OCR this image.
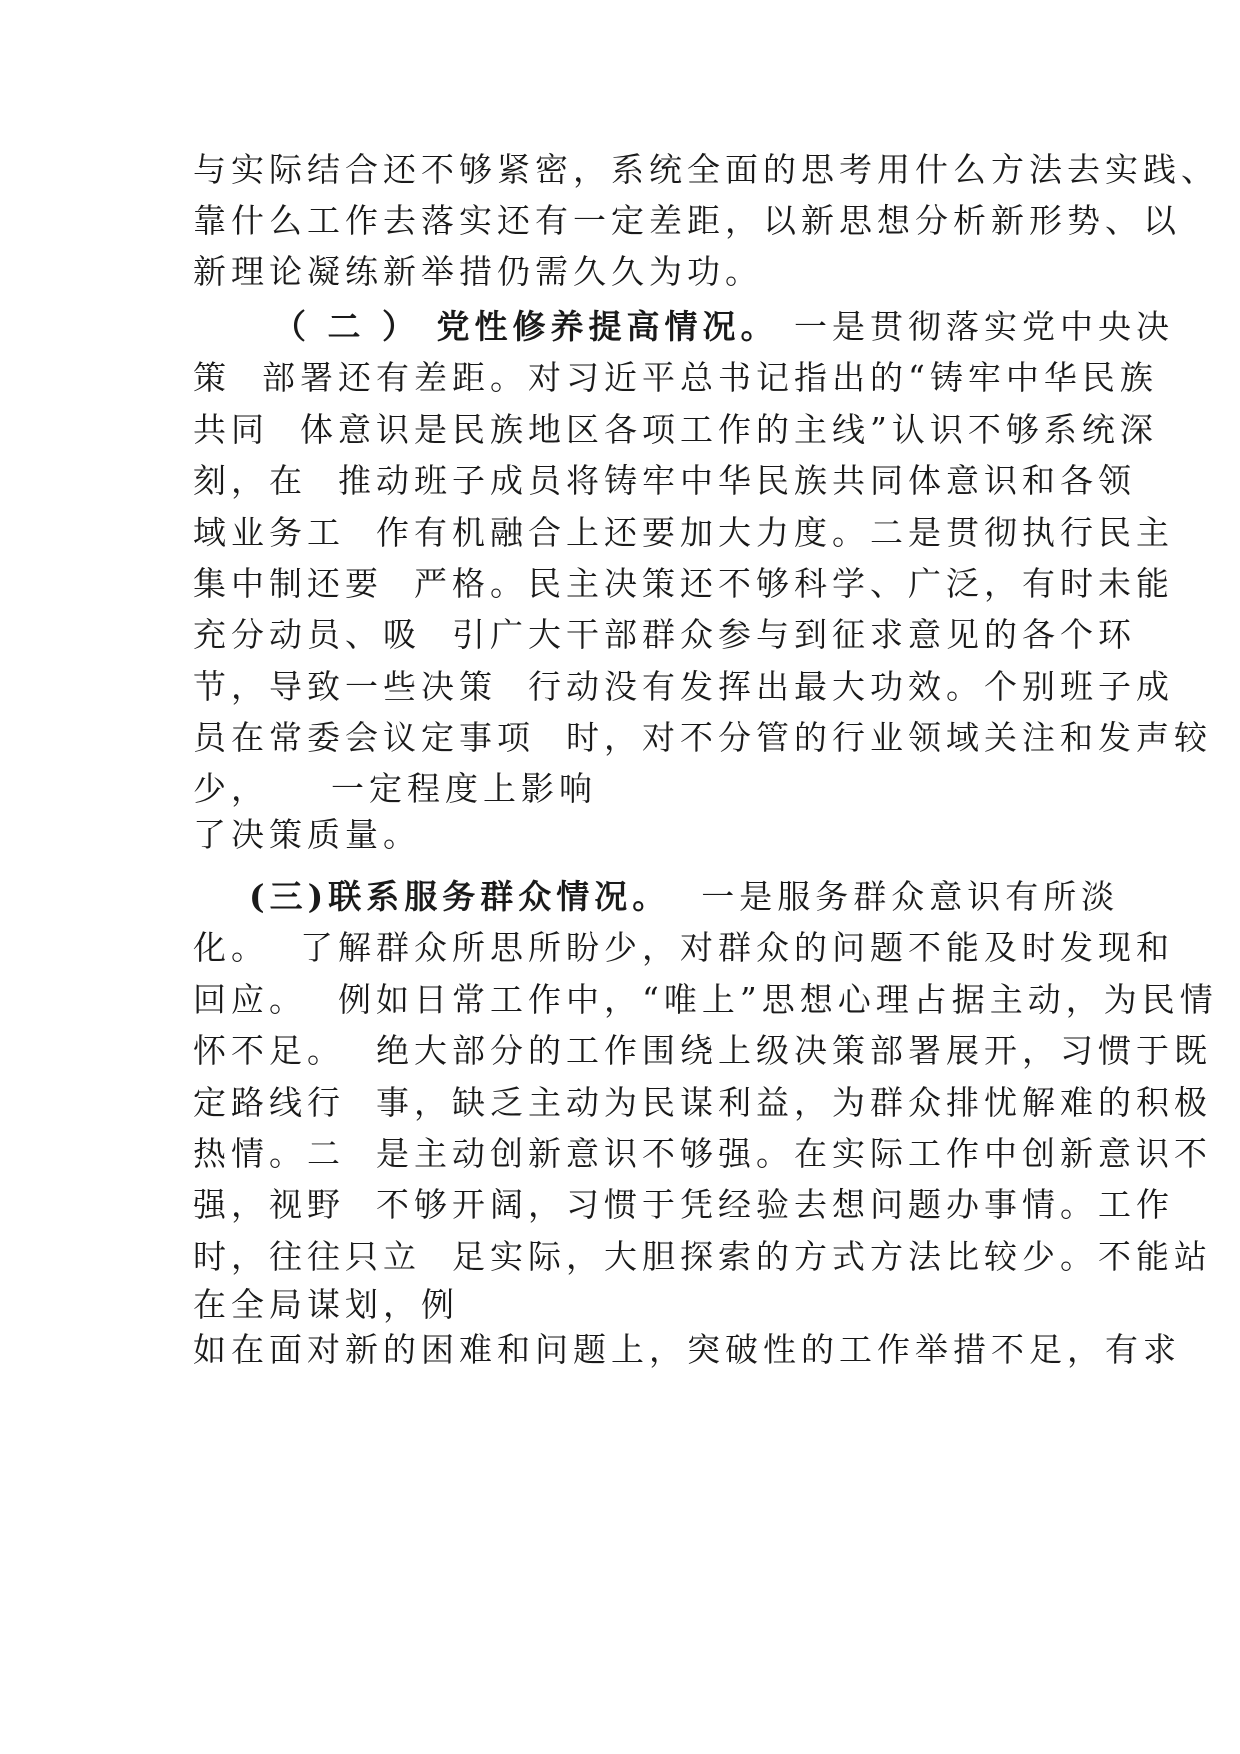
与实际结合还不够紧密，系统全面的思考用什么方法去实践、
靠什么工作去落实还有一定差距，以新思想分析新形势、以
新理论凝练新举措仍需久久为功。
（ 二 ） 党性修养提高情况。 一是贯彻落实党中央决
策  部署还有差距。对习近平总书记指出的“铸牢中华民族
共同  体意识是民族地区各项工作的主线”认识不够系统深
刻，在  推动班子成员将铸牢中华民族共同体意识和各领
域业务工  作有机融合上还要加大力度。二是贯彻执行民主
集中制还要  严格。民主决策还不够科学、广泛，有时未能
充分动员、吸  引广大干部群众参与到征求意见的各个环
节，导致一些决策  行动没有发挥出最大功效。个别班子成
员在常委会议定事项  时，对不分管的行业领域关注和发声较
少，    一定程度上影响
了决策质量。
(三)联系服务群众情况。  一是服务群众意识有所淡
化。  了解群众所思所盼少，对群众的问题不能及时发现和
回应。  例如日常工作中，“唯上”思想心理占据主动，为民情
怀不足。  绝大部分的工作围绕上级决策部署展开，习惯于既
定路线行  事，缺乏主动为民谋利益，为群众排忧解难的积极
热情。二  是主动创新意识不够强。在实际工作中创新意识不
强，视野  不够开阔，习惯于凭经验去想问题办事情。工作
时，往往只立  足实际，大胆探索的方式方法比较少。不能站
在全局谋划，例
如在面对新的困难和问题上，突破性的工作举措不足，有求
